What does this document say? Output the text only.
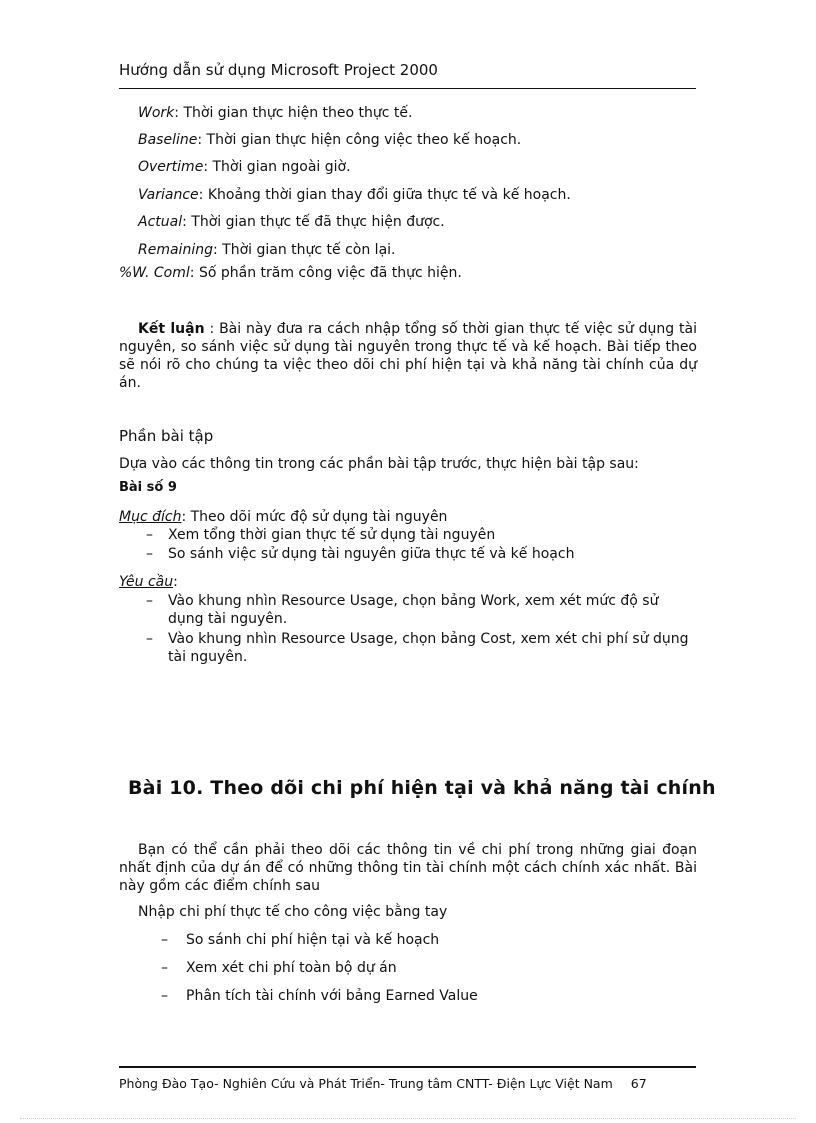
Hướng dẫn sử dụng Microsoft Project 2000
Work: Thời gian thực hiện theo thực tế.
Baseline: Thời gian thực hiện công việc theo kế hoạch.
Overtime: Thời gian ngoài giờ.
Variance: Khoảng thời gian thay đổi giữa thực tế và kế hoạch.
Actual: Thời gian thực tế đã thực hiện được.
Remaining: Thời gian thực tế còn lại.
%W. Coml: Số phần trăm công việc đã thực hiện.
Kết luận : Bài này đưa ra cách nhập tổng số thời gian thực tế việc sử dụng tài nguyên, so sánh việc sử dụng tài nguyên trong thực tế và kế hoạch. Bài tiếp theo sẽ nói rõ cho chúng ta việc theo dõi chi phí hiện tại và khả năng tài chính của dự án.
Phần bài tập
Dựa vào các thông tin trong các phần bài tập trước, thực hiện bài tập sau:
Bài số 9
Mục đích: Theo dõi mức độ sử dụng tài nguyên
– Xem tổng thời gian thực tế sử dụng tài nguyên
– So sánh việc sử dụng tài nguyên giữa thực tế và kế hoạch
Yêu cầu:
– Vào khung nhìn Resource Usage, chọn bảng Work, xem xét mức độ sử dụng tài nguyên.
– Vào khung nhìn Resource Usage, chọn bảng Cost, xem xét chi phí sử dụng tài nguyên.
Bài 10. Theo dõi chi phí hiện tại và khả năng tài chính
Bạn có thể cần phải theo dõi các thông tin về chi phí trong những giai đoạn nhất định của dự án để có những thông tin tài chính một cách chính xác nhất. Bài này gồm các điểm chính sau
Nhập chi phí thực tế cho công việc bằng tay
– So sánh chi phí hiện tại và kế hoạch
– Xem xét chi phí toàn bộ dự án
– Phân tích tài chính với bảng Earned Value
Phòng Đào Tạo- Nghiên Cứu và Phát Triển- Trung tâm CNTT- Điện Lực Việt Nam 67
